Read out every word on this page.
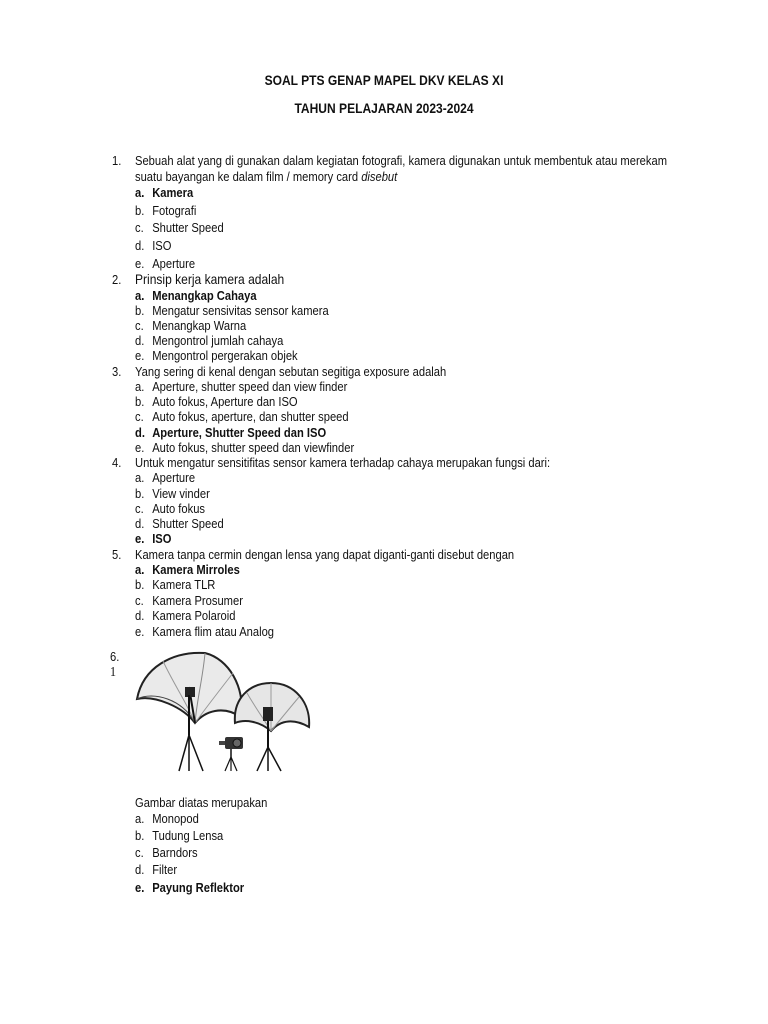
SOAL PTS GENAP MAPEL DKV KELAS XI
TAHUN PELAJARAN 2023-2024
1. Sebuah alat yang di gunakan dalam kegiatan fotografi, kamera digunakan untuk membentuk atau merekam
suatu bayangan ke dalam film / memory card disebut
a. Kamera
b. Fotografi
c. Shutter Speed
d. ISO
e. Aperture
2. Prinsip kerja kamera adalah
a. Menangkap Cahaya
b. Mengatur sensivitas sensor kamera
c. Menangkap Warna
d. Mengontrol jumlah cahaya
e. Mengontrol pergerakan objek
3. Yang sering di kenal dengan sebutan segitiga exposure adalah
a. Aperture, shutter speed dan view finder
b. Auto fokus, Aperture dan ISO
c. Auto fokus, aperture, dan shutter speed
d. Aperture, Shutter Speed dan ISO
e. Auto fokus, shutter speed dan viewfinder
4. Untuk mengatur sensitifitas sensor kamera terhadap cahaya merupakan fungsi dari:
a. Aperture
b. View vinder
c. Auto fokus
d. Shutter Speed
e. ISO
5. Kamera tanpa cermin dengan lensa yang dapat diganti-ganti disebut dengan
a. Kamera Mirroles
b. Kamera TLR
c. Kamera Prosumer
d. Kamera Polaroid
e. Kamera flim atau Analog
6.
1
Gambar diatas merupakan
a. Monopod
b. Tudung Lensa
c. Barndors
d. Filter
e. Payung Reflektor
